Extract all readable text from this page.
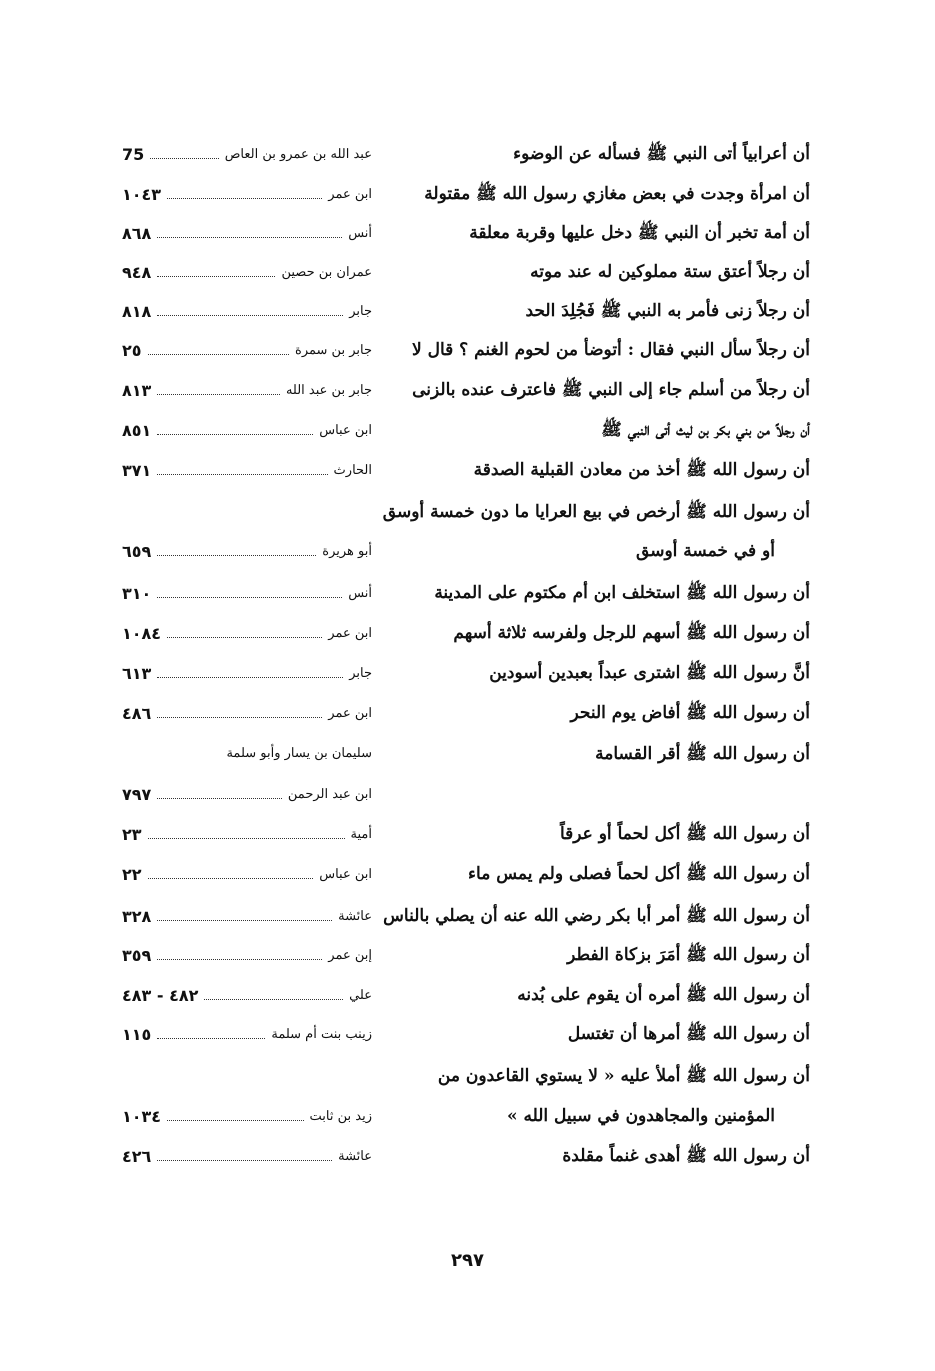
أن أعرابياً أتى النبي ﷺ فسأله عن الوضوء
عبد الله بن عمرو بن العاص
75
أن امرأة وجدت في بعض مغازي رسول الله ﷺ مقتولة
ابن عمر
١٠٤٣
أن أمة تخبر أن النبي ﷺ دخل عليها وقربة معلقة
أنس
٨٦٨
أن رجلاً أعتق ستة مملوكين له عند موته
عمران بن حصين
٩٤٨
أن رجلاً زنى فأمر به النبي ﷺ فَجُلِدَ الحد
جابر
٨١٨
أن رجلاً سأل النبي فقال : أتوضأ من لحوم الغنم ؟ قال لا
جابر بن سمرة
٢٥
أن رجلاً من أسلم جاء إلى النبي ﷺ فاعترف عنده بالزنى
جابر بن عبد الله
٨١٣
أن رجلاً من بني بكر بن ليث أتى النبي ﷺ
ابن عباس
٨٥١
أن رسول الله ﷺ أخذ من معادن القبلية الصدقة
الحارث
٣٧١
أن رسول الله ﷺ أرخص في بيع العرايا ما دون خمسة أوسق
أو في خمسة أوسق
أبو هريرة
٦٥٩
أن رسول الله ﷺ استخلف ابن أم مكتوم على المدينة
أنس
٣١٠
أن رسول الله ﷺ أسهم للرجل ولفرسه ثلاثة أسهم
ابن عمر
١٠٨٤
أنَّ رسول الله ﷺ اشترى عبداً بعبدين أسودين
جابر
٦١٣
أن رسول الله ﷺ أفاض يوم النحر
ابن عمر
٤٨٦
أن رسول الله ﷺ أقر القسامة
سليمان بن يسار وأبو سلمة
ابن عبد الرحمن
٧٩٧
أن رسول الله ﷺ أكل لحماً أو عرقاً
أمية
٢٣
أن رسول الله ﷺ أكل لحماً فصلى ولم يمس ماء
ابن عباس
٢٢
أن رسول الله ﷺ أمر أبا بكر رضي الله عنه أن يصلي بالناس
عائشة
٣٢٨
أن رسول الله ﷺ أمَرَ بزكاة الفطر
إبن عمر
٣٥٩
أن رسول الله ﷺ أمره أن يقوم على بُدنه
علي
٤٨٢ - ٤٨٣
أن رسول الله ﷺ أمرها أن تغتسل
زينب بنت أم سلمة
١١٥
أن رسول الله ﷺ أملأ عليه « لا يستوي القاعدون من
المؤمنين والمجاهدون في سبيل الله »
زيد بن ثابت
١٠٣٤
أن رسول الله ﷺ أهدى غنماً مقلدة
عائشة
٤٢٦
٢٩٧
